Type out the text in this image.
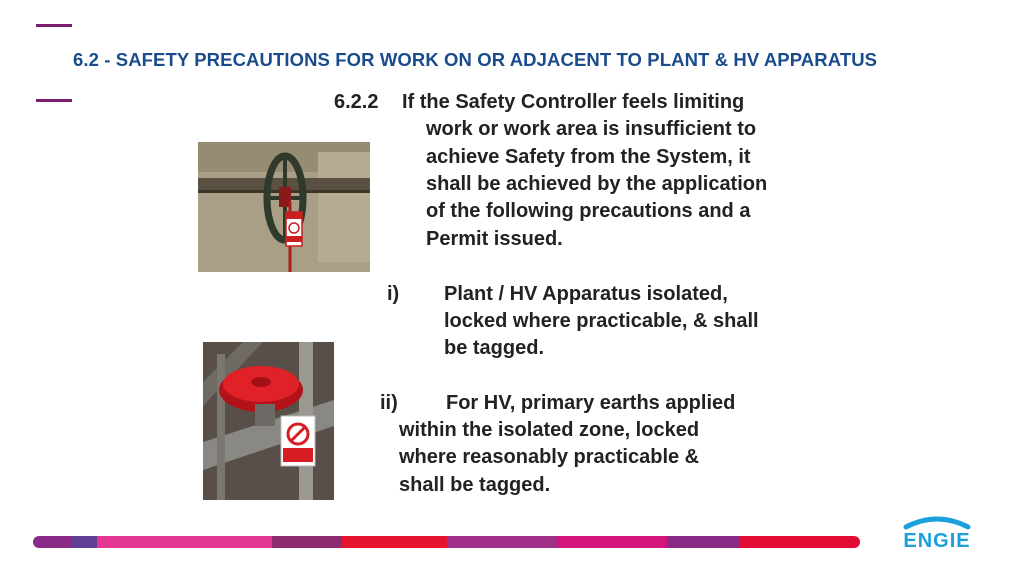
6.2 - SAFETY PRECAUTIONS FOR WORK ON OR ADJACENT TO PLANT & HV APPARATUS
6.2.2 If the Safety Controller feels limiting
work or work area is insufficient to
achieve Safety from the System, it
shall be achieved by the application
of the following precautions and a
Permit issued.
i) Plant / HV Apparatus isolated,
locked where practicable, & shall
be tagged.
ii) For HV, primary earths applied
within the isolated zone, locked
where reasonably practicable &
shall be tagged.
ENGIE
